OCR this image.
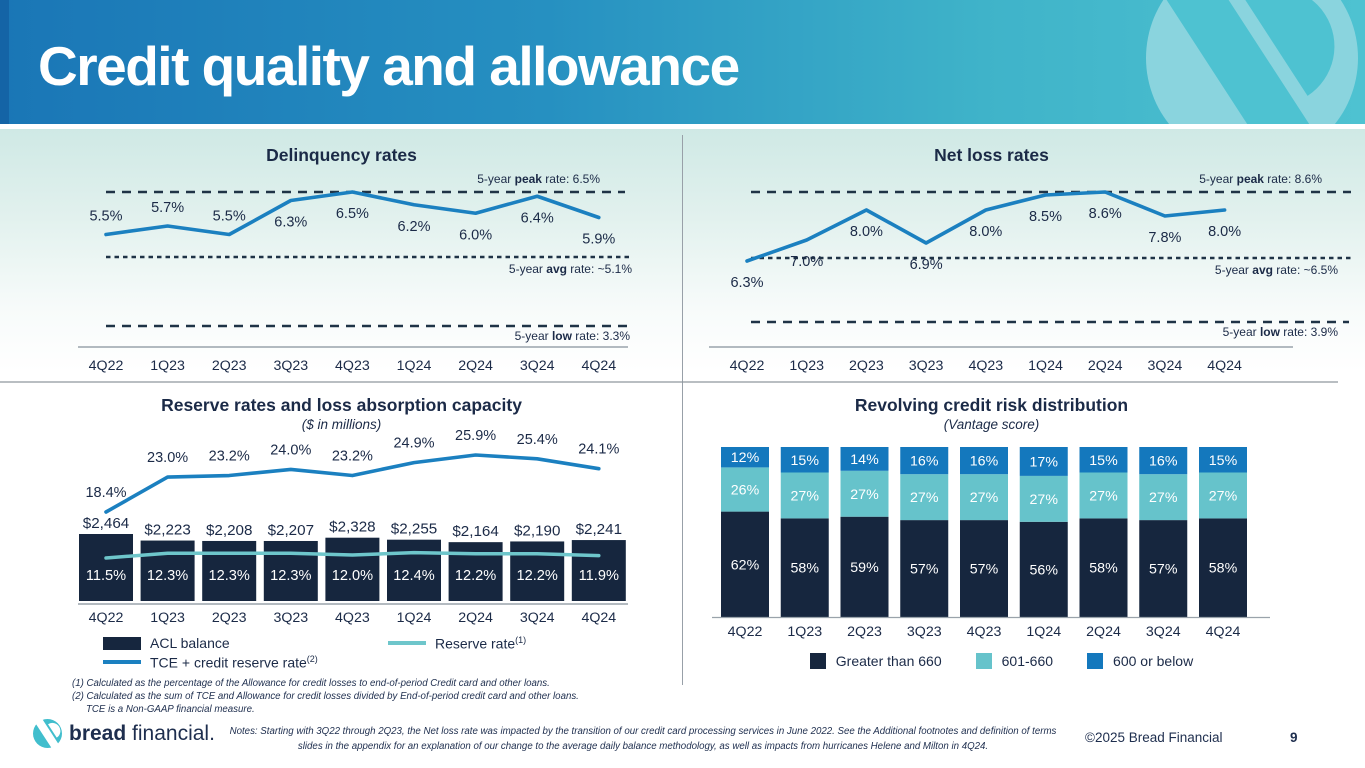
Credit quality and allowance
Delinquency rates	Net loss rates
Reserve rates and loss absorption capacity
($ in millions)
Revolving credit risk distribution
(Vantage score)
5-year peak rate: 6.5%
5-year avg rate: ~5.1%
5-year low rate: 3.3%
5.5%
5.7%
5.5% 6.3%
6.5%
6.2%
6.0%
6.4%
5.9%
4Q22 1Q23 2Q23 3Q23 4Q23 1Q24 2Q24 3Q24 4Q24
5-year peak rate: 8.6%
5-year avg rate: ~6.5%
5-year low rate: 3.9%
6.3%
7.0%
8.0%
6.9%
8.0%
8.5% 8.6%
7.8% 8.0%
4Q22 1Q23 2Q23 3Q23 4Q23 1Q24 2Q24 3Q24 4Q24
$2,464
11.5%
$2,223
12.3%
$2,208
12.3%
$2,207
12.3%
$2,328
12.0%
$2,255
12.4%
$2,164
12.2%
$2,190
12.2%
$2,241
11.9%
18.4%
23.0% 23.2% 24.0% 23.2%
24.9% 25.9% 25.4%
24.1%
4Q22 1Q23 2Q23 3Q23 4Q23 1Q24 2Q24 3Q24 4Q24
62%
26%
12%
4Q22
58%
27%
15%
1Q23
59%
27%
14%
2Q23
57%
27%
16%
3Q23
57%
27%
16%
4Q23
56%
27%
17%
1Q24
58%
27%
15%
2Q24
57%
27%
16%
3Q24
58%
27%
15%
4Q24
ACL balance	Reserve rate$^{(1)}$
TCE + credit reserve rate$^{(2)}$	Greater than 660	601-660	600 or below
(1) Calculated as the percentage of the Allowance for credit losses to end-of-period Credit card and other loans.
(2) Calculated as the sum of TCE and Allowance for credit losses divided by End-of-period credit card and other loans.
TCE is a Non-GAAP financial measure.
bread financial.	Notes: Starting with 3Q22 through 2Q23, the Net loss rate was impacted by the transition of our credit card processing services in June 2022. See the Additional footnotes and definition of terms slides in the appendix for an explanation of our change to the average daily balance methodology, as well as impacts from hurricanes Helene and Milton in 4Q24.
©2025 Bread Financial	9
